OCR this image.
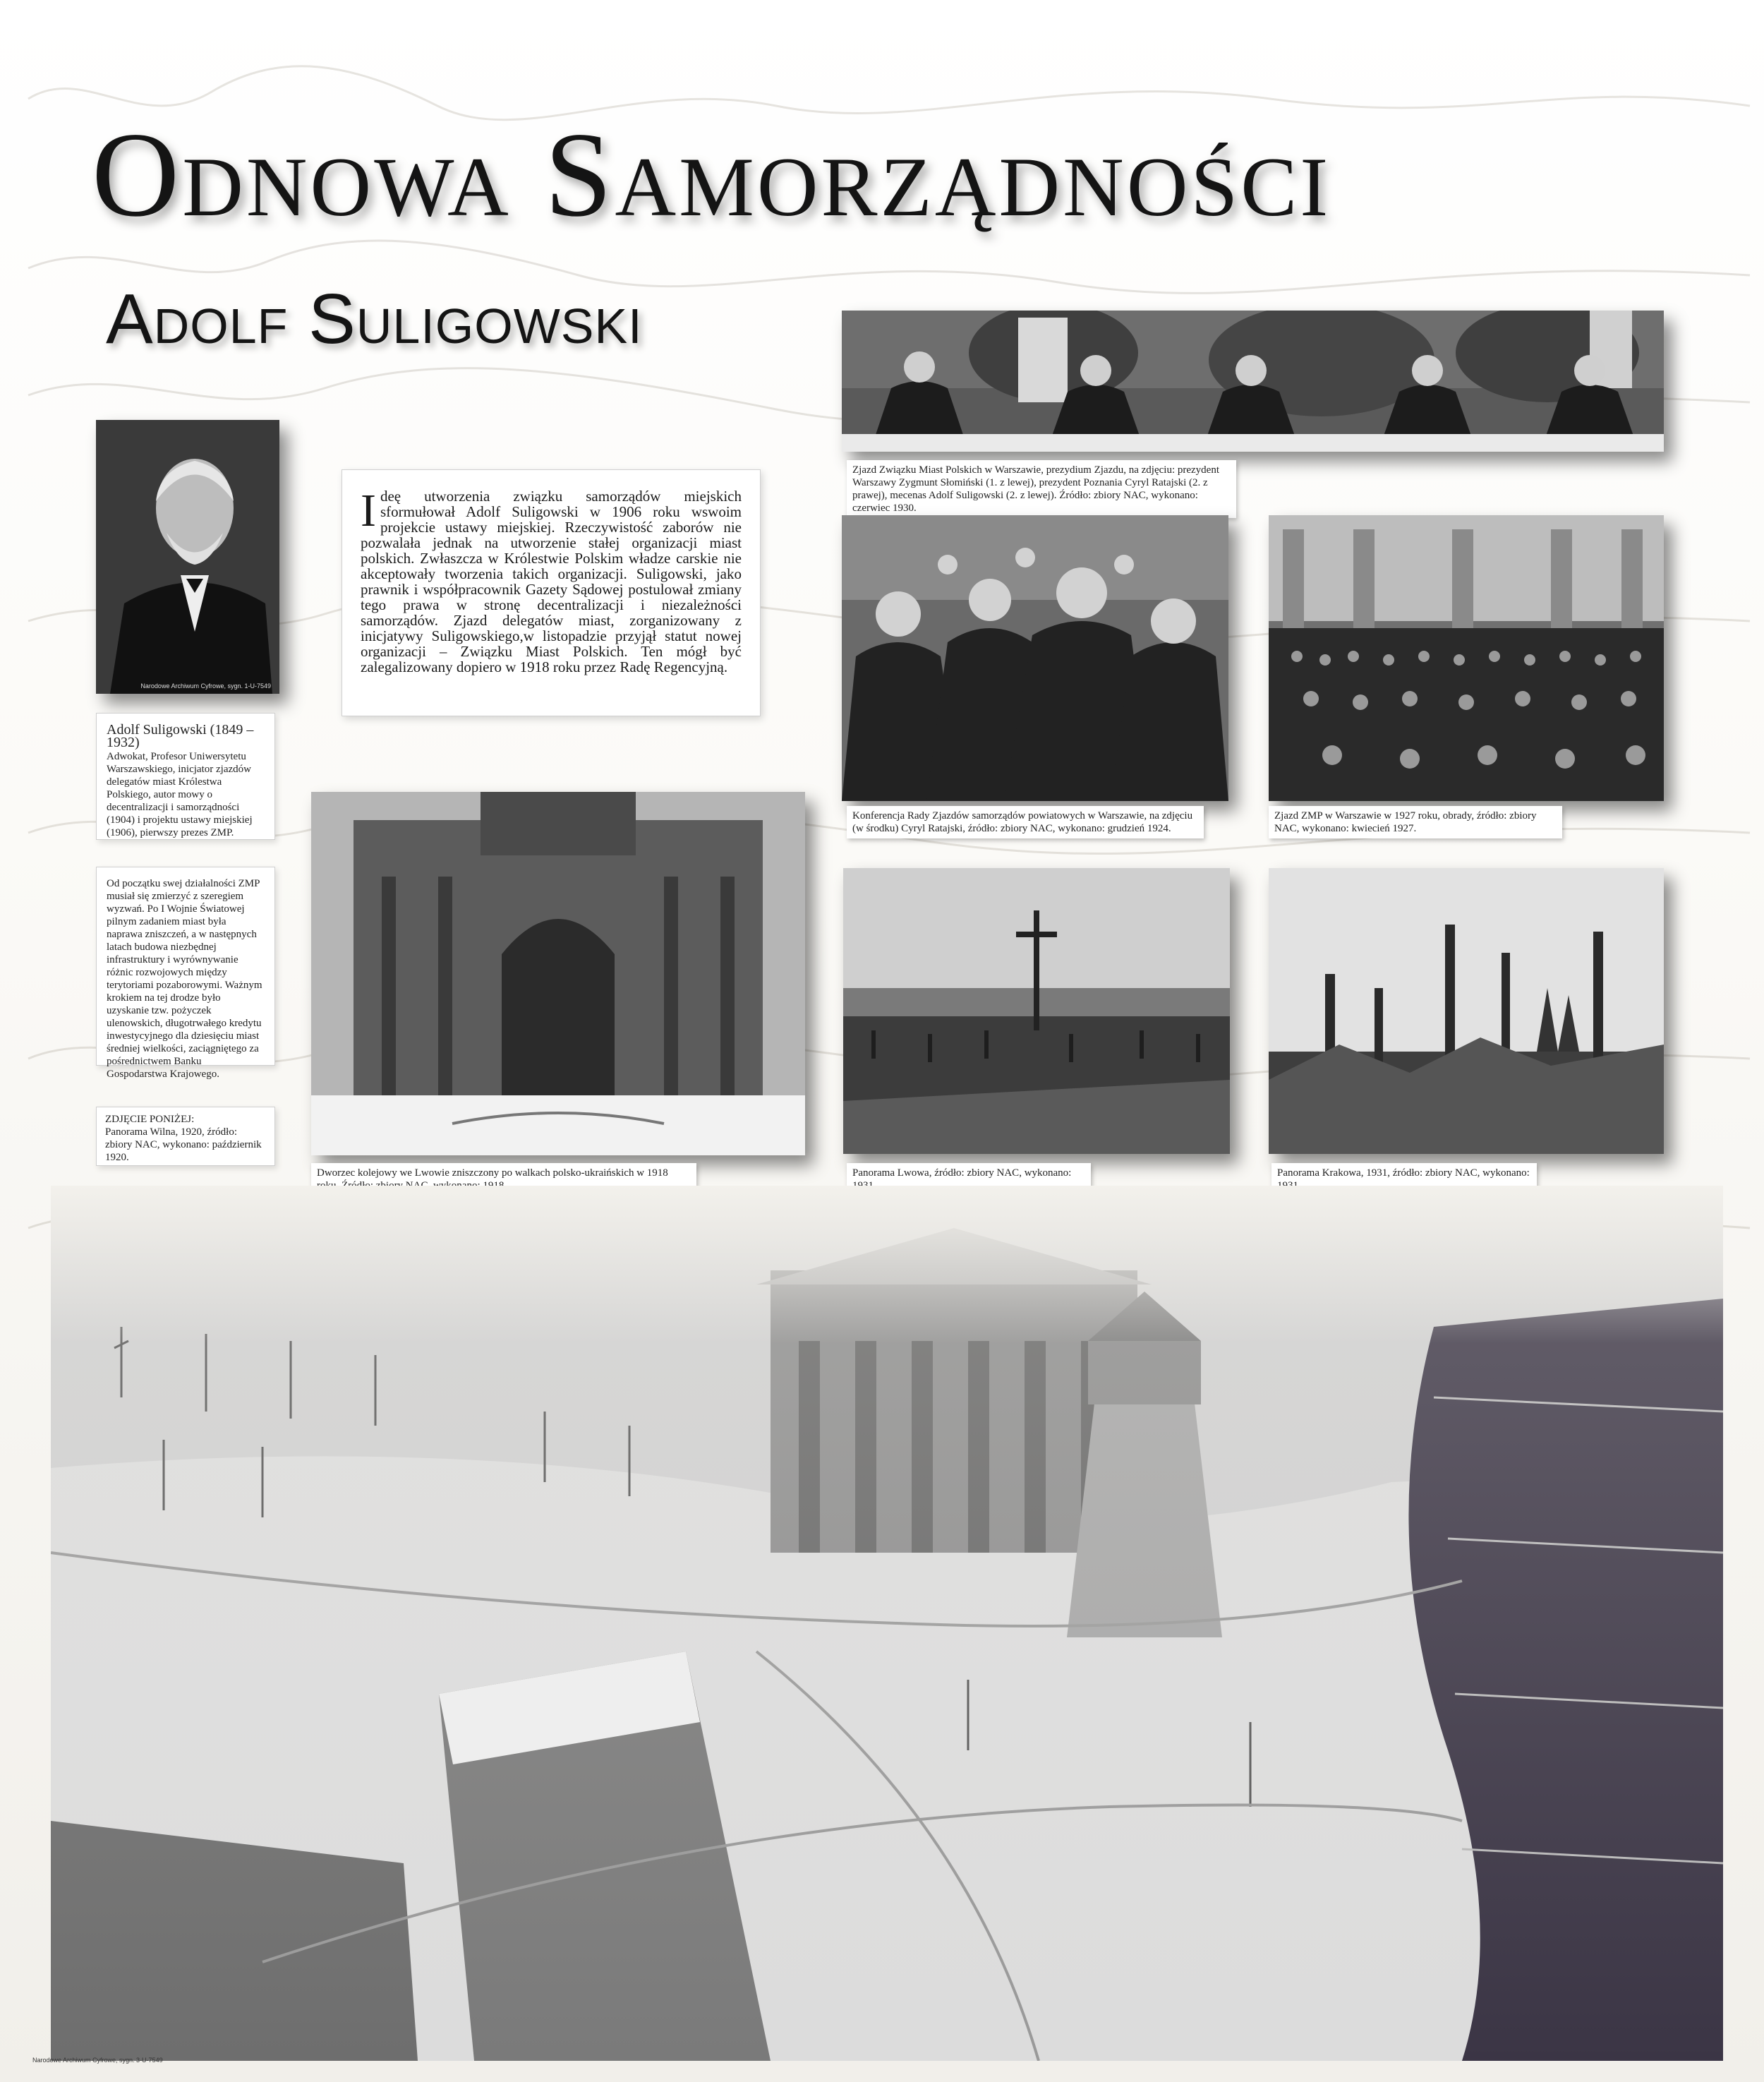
Odnowa Samorządności
Adolf Suligowski
Narodowe Archiwum Cyfrowe, sygn. 1-U-7549
Adolf Suligowski (1849 – 1932)
Adwokat, Profesor Uniwersytetu Warszawskiego, inicjator zjazdów delegatów miast Królestwa Polskiego, autor mowy o decentralizacji i samorządności (1904) i projektu ustawy miejskiej (1906), pierwszy prezes ZMP.
I deę utworzenia związku samorządów miejskich sformułował Adolf Suligowski w 1906 roku wswoim projekcie ustawy miejskiej. Rzeczywistość zaborów nie pozwalała jednak na utworzenie stałej organizacji miast polskich. Zwłaszcza w Królestwie Polskim władze carskie nie akceptowały tworzenia takich organizacji. Suligowski, jako prawnik i współpracownik Gazety Sądowej postulował zmiany tego prawa w stronę decentralizacji i niezależności samorządów. Zjazd delegatów miast, zorganizowany z inicjatywy Suligowskiego,w listopadzie przyjął statut nowej organizacji – Związku Miast Polskich. Ten mógł być zalegalizowany dopiero w 1918 roku przez Radę Regencyjną.
Od początku swej działalności ZMP musiał się zmierzyć z szeregiem wyzwań. Po I Wojnie Światowej pilnym zadaniem miast była naprawa zniszczeń, a w następnych latach budowa niezbędnej infrastruktury i wyrównywanie różnic rozwojowych między terytoriami pozaborowymi. Ważnym krokiem na tej drodze było uzyskanie tzw. pożyczek ulenowskich, długotrwałego kredytu inwestycyjnego dla dziesięciu miast średniej wielkości, zaciągniętego za pośrednictwem Banku Gospodarstwa Krajowego.
ZDJĘCIE PONIŻEJ:
Panorama Wilna, 1920, źródło: zbiory NAC, wykonano: październik 1920.
Zjazd Związku Miast Polskich w Warszawie, prezydium Zjazdu, na zdjęciu: prezydent Warszawy Zygmunt Słomiński (1. z lewej), prezydent Poznania Cyryl Ratajski (2. z prawej), mecenas Adolf Suligowski (2. z lewej). Źródło: zbiory NAC, wykonano: czerwiec 1930.
Konferencja Rady Zjazdów samorządów powiatowych w Warszawie, na zdjęciu (w środku) Cyryl Ratajski, źródło: zbiory NAC, wykonano: grudzień 1924.
Zjazd ZMP w Warszawie w 1927 roku, obrady, źródło: zbiory NAC, wykonano: kwiecień 1927.
Dworzec kolejowy we Lwowie zniszczony po walkach polsko-ukraińskich w 1918	Panorama Lwowa, źródło: zbiory NAC, wykonano:	Panorama Krakowa, 1931, źródło: zbiory NAC, wykonano:
Narodowe Archiwum Cyfrowe, sygn. 3-U-7549
